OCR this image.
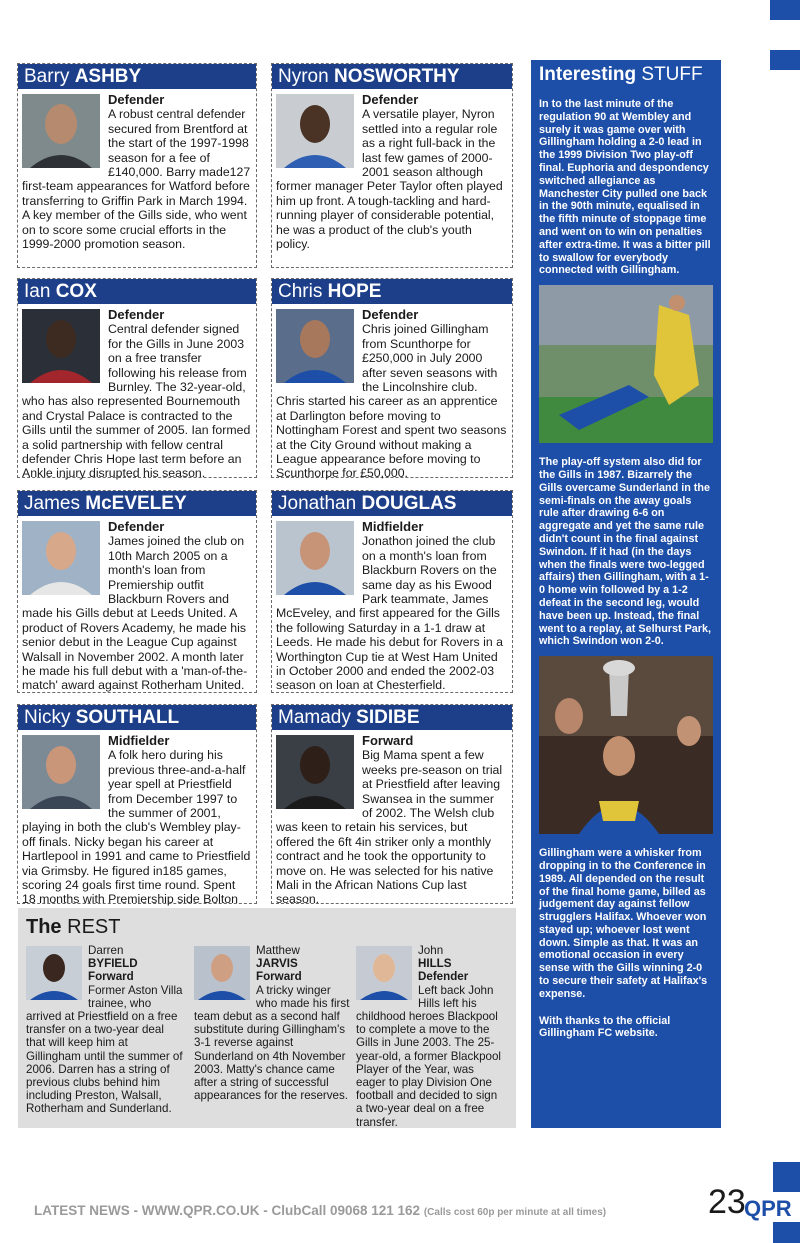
Barry ASHBY
Defender
A robust central defender secured from Brentford at the start of the 1997-1998 season for a fee of £140,000. Barry made127 first-team appearances for Watford before transferring to Griffin Park in March 1994. A key member of the Gills side, who went on to score some crucial efforts in the 1999-2000 promotion season.
Nyron NOSWORTHY
Defender
A versatile player, Nyron settled into a regular role as a right full-back in the last few games of 2000-2001 season although former manager Peter Taylor often played him up front. A tough-tackling and hard-running player of considerable potential, he was a product of the club's youth policy.
Ian COX
Defender
Central defender signed for the Gills in June 2003 on a free transfer following his release from Burnley. The 32-year-old, who has also represented Bournemouth and Crystal Palace is contracted to the Gills until the summer of 2005. Ian formed a solid partnership with fellow central defender Chris Hope last term before an Ankle injury disrupted his season.
Chris HOPE
Defender
Chris joined Gillingham from Scunthorpe for £250,000 in July 2000 after seven seasons with the Lincolnshire club. Chris started his career as an apprentice at Darlington before moving to Nottingham Forest and spent two seasons at the City Ground without making a League appearance before moving to Scunthorpe for £50,000.
James McEVELEY
Defender
James joined the club on 10th March 2005 on a month's loan from Premiership outfit Blackburn Rovers and made his Gills debut at Leeds United. A product of Rovers Academy, he made his senior debut in the League Cup against Walsall in November 2002. A month later he made his full debut with a 'man-of-the-match' award against Rotherham United.
Jonathan DOUGLAS
Midfielder
Jonathon joined the club on a month's loan from Blackburn Rovers on the same day as his Ewood Park teammate, James McEveley, and first appeared for the Gills the following Saturday in a 1-1 draw at Leeds. He made his debut for Rovers in a Worthington Cup tie at West Ham United in October 2000 and ended the 2002-03 season on loan at Chesterfield.
Nicky SOUTHALL
Midfielder
A folk hero during his previous three-and-a-half year spell at Priestfield from December 1997 to the summer of 2001, playing in both the club's Wembley play-off finals. Nicky began his career at Hartlepool in 1991 and came to Priestfield via Grimsby. He figured in185 games, scoring 24 goals first time round. Spent 18 months with Premiership side Bolton
Mamady SIDIBE
Forward
Big Mama spent a few weeks pre-season on trial at Priestfield after leaving Swansea in the summer of 2002. The Welsh club was keen to retain his services, but offered the 6ft 4in striker only a monthly contract and he took the opportunity to move on. He was selected for his native Mali in the African Nations Cup last season.
Interesting STUFF

In to the last minute of the regulation 90 at Wembley and surely it was game over with Gillingham holding a 2-0 lead in the 1999 Division Two play-off final. Euphoria and despondency switched allegiance as Manchester City pulled one back in the 90th minute, equalised in the fifth minute of stoppage time and went on to win on penalties after extra-time. It was a bitter pill to swallow for everybody connected with Gillingham.

The play-off system also did for the Gills in 1987. Bizarrely the Gills overcame Sunderland in the semi-finals on the away goals rule after drawing 6-6 on aggregate and yet the same rule didn't count in the final against Swindon. If it had (in the days when the finals were two-legged affairs) then Gillingham, with a 1-0 home win followed by a 1-2 defeat in the second leg, would have been up. Instead, the final went to a replay, at Selhurst Park, which Swindon won 2-0.

Gillingham were a whisker from dropping in to the Conference in 1989. All depended on the result of the final home game, billed as judgement day against fellow strugglers Halifax. Whoever won stayed up; whoever lost went down. Simple as that. It was an emotional occasion in every sense with the Gills winning 2-0 to secure their safety at Halifax's expense.

With thanks to the official Gillingham FC website.

The REST
Darren
BYFIELD
Forward
Former Aston Villa trainee, who arrived at Priestfield on a free transfer on a two-year deal that will keep him at Gillingham until the summer of 2006. Darren has a string of previous clubs behind him including Preston, Walsall, Rotherham and Sunderland.
Matthew
JARVIS
Forward
A tricky winger who made his first team debut as a second half substitute during Gillingham's 3-1 reverse against Sunderland on 4th November 2003. Matty's chance came after a string of successful appearances for the reserves.
John
HILLS
Defender
Left back John Hills left his childhood heroes Blackpool to complete a move to the Gills in June 2003. The 25-year-old, a former Blackpool Player of the Year, was eager to play Division One football and decided to sign a two-year deal on a free transfer.
LATEST NEWS - WWW.QPR.CO.UK - ClubCall 09068 121 162 (Calls cost 60p per minute at all times)	23
QPR
